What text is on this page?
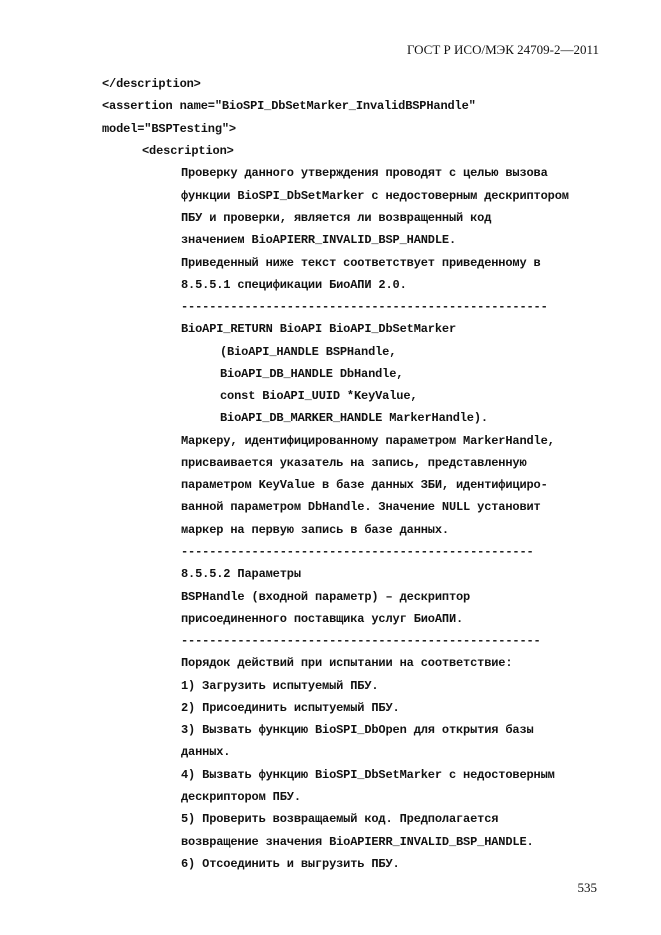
ГОСТ Р ИСО/МЭК 24709-2—2011
</description>
<assertion name="BioSPI_DbSetMarker_InvalidBSPHandle"
model="BSPTesting">
<description>
Проверку данного утверждения проводят с целью вызова
функции BioSPI_DbSetMarker с недостоверным дескриптором
ПБУ и проверки, является ли возвращенный код
значением BioAPIERR_INVALID_BSP_HANDLE.
Приведенный ниже текст соответствует приведенному в
8.5.5.1 спецификации БиоАПИ 2.0.
----------------------------------------------------
BioAPI_RETURN BioAPI BioAPI_DbSetMarker
(BioAPI_HANDLE BSPHandle,
BioAPI_DB_HANDLE DbHandle,
const BioAPI_UUID *KeyValue,
BioAPI_DB_MARKER_HANDLE MarkerHandle).
Маркеру, идентифицированному параметром MarkerHandle,
присваивается указатель на запись, представленную
параметром KeyValue в базе данных ЗБИ, идентифициро-
ванной параметром DbHandle. Значение NULL установит
маркер на первую запись в базе данных.
--------------------------------------------------
8.5.5.2 Параметры
BSPHandle (входной параметр) – дескриптор
присоединенного поставщика услуг БиоАПИ.
---------------------------------------------------
Порядок действий при испытании на соответствие:
1) Загрузить испытуемый ПБУ.
2) Присоединить испытуемый ПБУ.
3) Вызвать функцию BioSPI_DbOpen для открытия базы
данных.
4) Вызвать функцию BioSPI_DbSetMarker с недостоверным
дескриптором ПБУ.
5) Проверить возвращаемый код. Предполагается
возвращение значения BioAPIERR_INVALID_BSP_HANDLE.
6) Отсоединить и выгрузить ПБУ.
535
